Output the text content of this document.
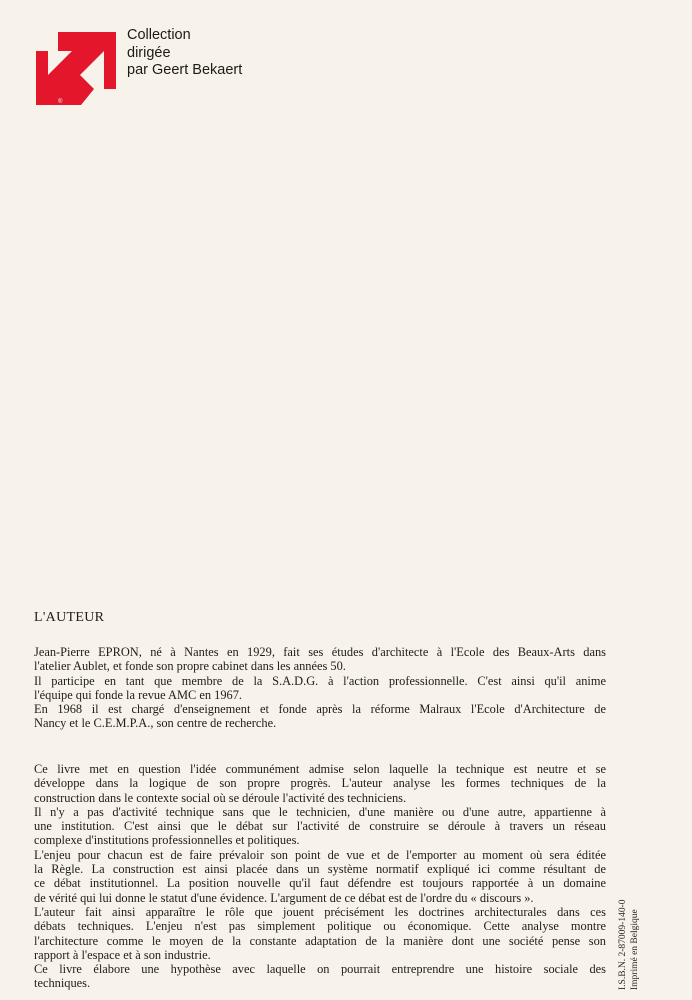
®
Collection
dirigée
par Geert Bekaert
L'AUTEUR

Jean-Pierre EPRON, né à Nantes en 1929, fait ses études d'architecte à l'Ecole des Beaux-Arts dans
l'atelier Aublet, et fonde son propre cabinet dans les années 50.
Il participe en tant que membre de la S.A.D.G. à l'action professionnelle. C'est ainsi qu'il anime
l'équipe qui fonde la revue AMC en 1967.
En 1968 il est chargé d'enseignement et fonde après la réforme Malraux l'Ecole d'Architecture de
Nancy et le C.E.M.P.A., son centre de recherche.

Ce livre met en question l'idée communément admise selon laquelle la technique est neutre et se
développe dans la logique de son propre progrès. L'auteur analyse les formes techniques de la
construction dans le contexte social où se déroule l'activité des techniciens.
Il n'y a pas d'activité technique sans que le technicien, d'une manière ou d'une autre, appartienne à
une institution. C'est ainsi que le débat sur l'activité de construire se déroule à travers un réseau
complexe d'institutions professionnelles et politiques.
L'enjeu pour chacun est de faire prévaloir son point de vue et de l'emporter au moment où sera éditée
la Règle. La construction est ainsi placée dans un système normatif expliqué ici comme résultant de
ce débat institutionnel. La position nouvelle qu'il faut défendre est toujours rapportée à un domaine
de vérité qui lui donne le statut d'une évidence. L'argument de ce débat est de l'ordre du « discours ».
L'auteur fait ainsi apparaître le rôle que jouent précisément les doctrines architecturales dans ces
débats techniques. L'enjeu n'est pas simplement politique ou économique. Cette analyse montre
l'architecture comme le moyen de la constante adaptation de la manière dont une société pense son
rapport à l'espace et à son industrie.
Ce livre élabore une hypothèse avec laquelle on pourrait entreprendre une histoire sociale des
techniques.	I.S.B.N. 2-87009-140-0 Imprimé en Belgique
